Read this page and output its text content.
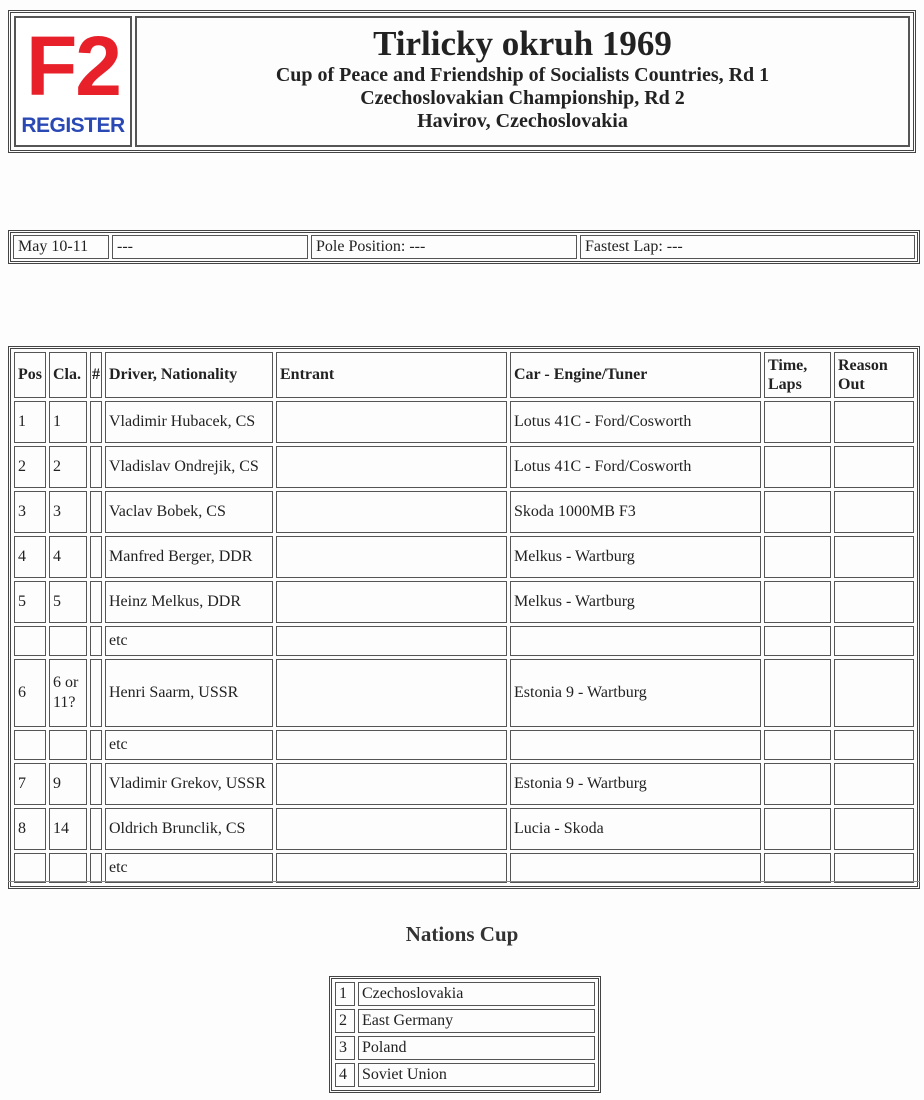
F2
REGISTER
Tirlicky okruh 1969
Cup of Peace and Friendship of Socialists Countries, Rd 1
Czechoslovakian Championship, Rd 2
Havirov, Czechoslovakia
May 10-11	---	Pole Position: ---	Fastest Lap: ---
Pos	Cla.	#	Driver, Nationality	Entrant	Car - Engine/Tuner	Time, Laps	Reason Out
1	1		Vladimir Hubacek, CS		Lotus 41C - Ford/Cosworth		
2	2		Vladislav Ondrejik, CS		Lotus 41C - Ford/Cosworth		
3	3		Vaclav Bobek, CS		Skoda 1000MB F3		
4	4		Manfred Berger, DDR		Melkus - Wartburg		
5	5		Heinz Melkus, DDR		Melkus - Wartburg		
			etc				
6	6 or 11?		Henri Saarm, USSR		Estonia 9 - Wartburg		
			etc				
7	9		Vladimir Grekov, USSR		Estonia 9 - Wartburg		
8	14		Oldrich Brunclik, CS		Lucia - Skoda		
			etc				
Nations Cup
1	Czechoslovakia
2	East Germany
3	Poland
4	Soviet Union
